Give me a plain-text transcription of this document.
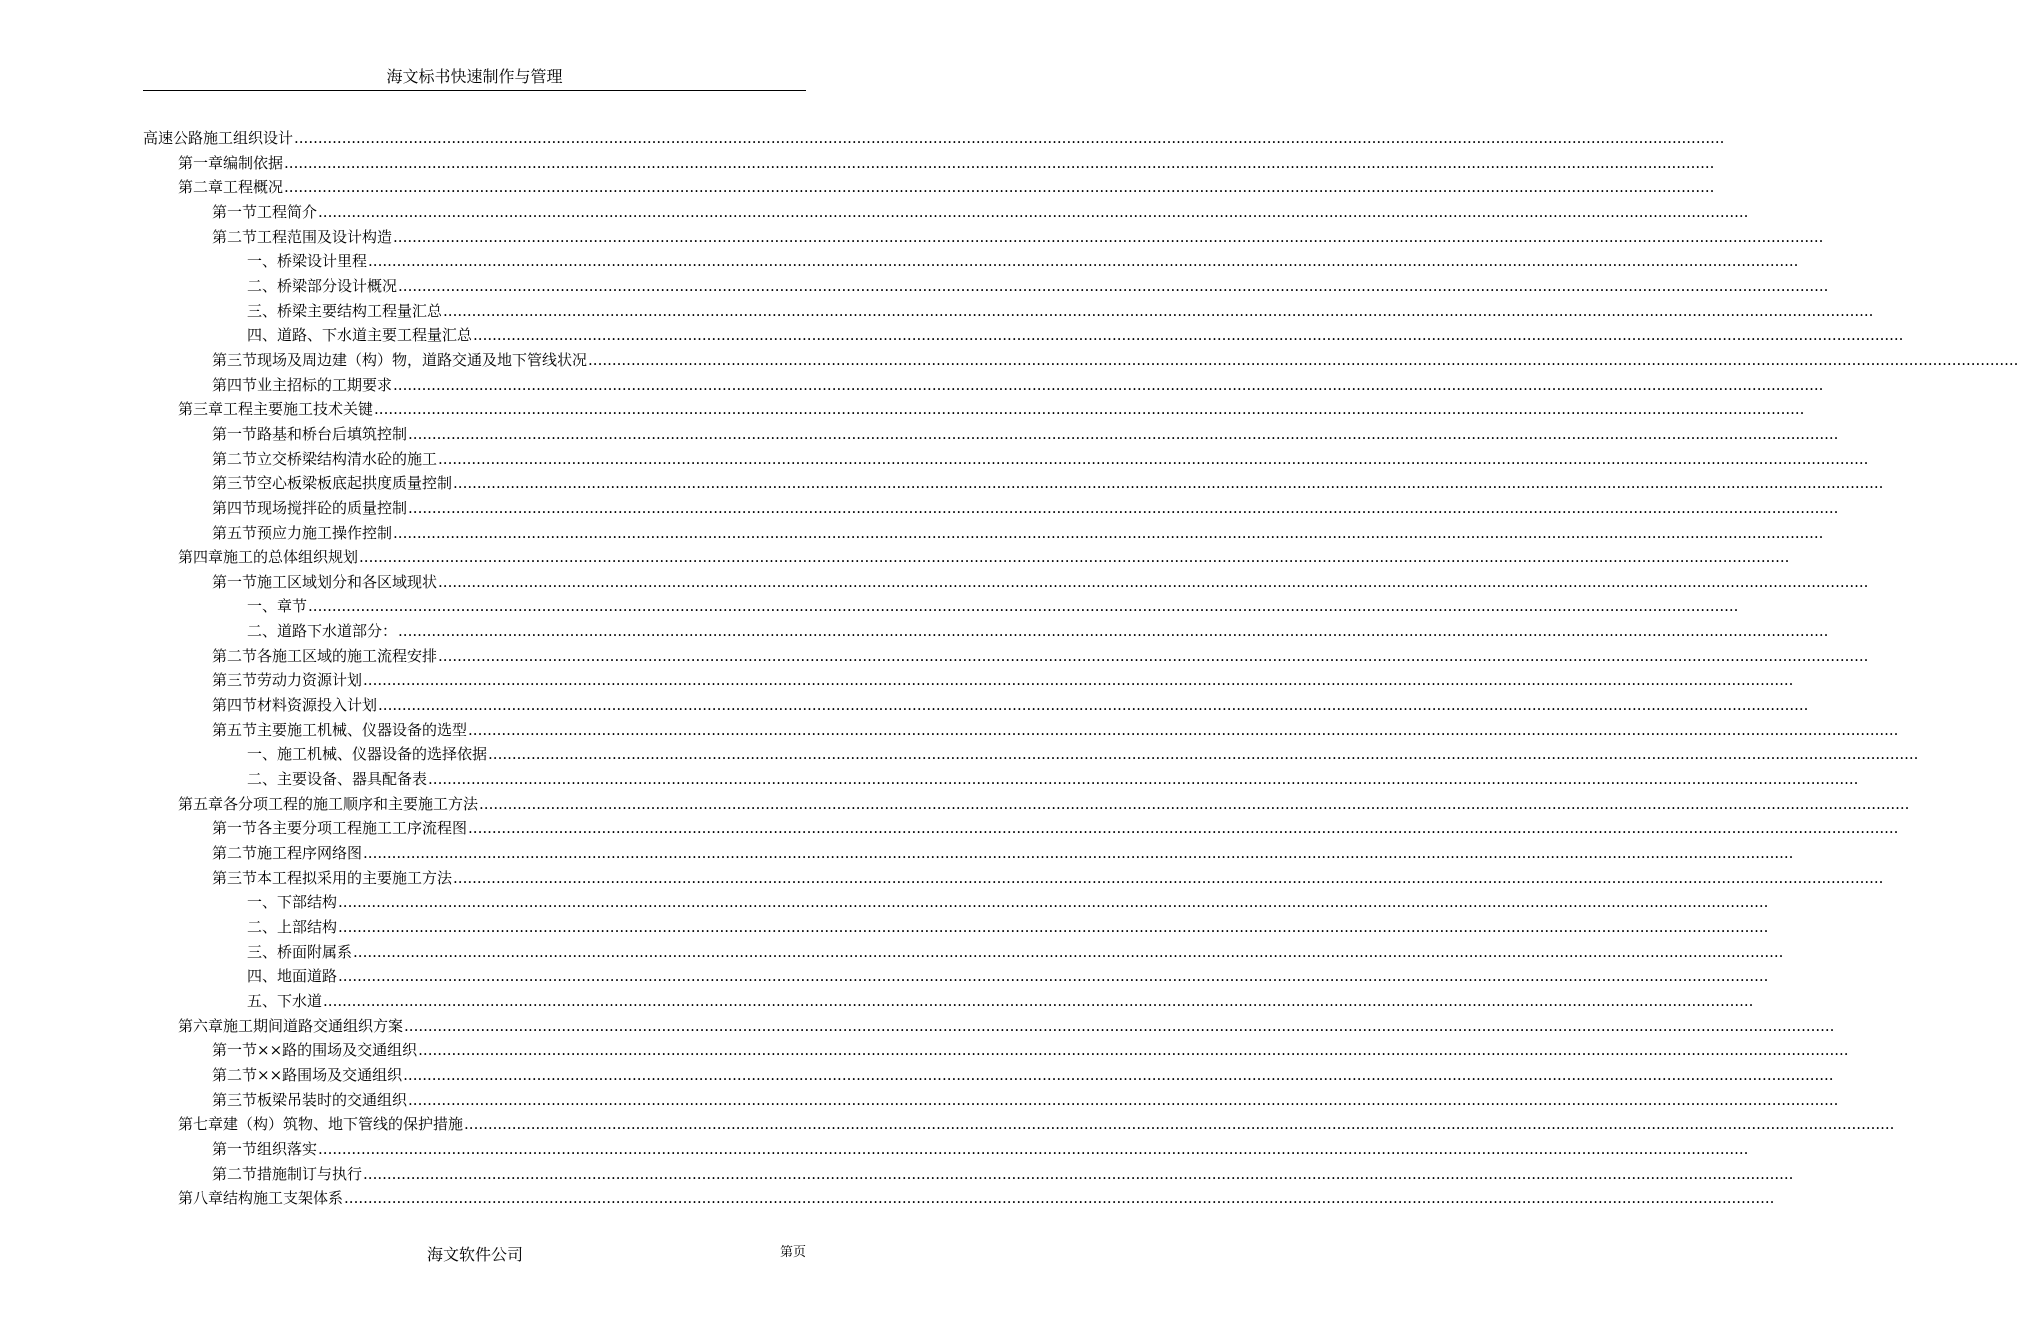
海文标书快速制作与管理
高速公路施工组织设计 ............................................................................................................................................................................................................................................................................................................
第一章 编制依据 ............................................................................................................................................................................................................................................................................................................
第二章 工程概况 ............................................................................................................................................................................................................................................................................................................
第一节 工程简介 ............................................................................................................................................................................................................................................................................................................
第二节 工程范围及设计构造 ............................................................................................................................................................................................................................................................................................................
一、 桥梁设计里程 ............................................................................................................................................................................................................................................................................................................
二、 桥梁部分设计概况 ............................................................................................................................................................................................................................................................................................................
三、 桥梁主要结构工程量汇总 ............................................................................................................................................................................................................................................................................................................
四、 道路、下水道主要工程量汇总 ............................................................................................................................................................................................................................................................................................................
第三节 现场及周边建（构）物，道路交通及地下管线状况 ............................................................................................................................................................................................................................................................................................................
第四节 业主招标的工期要求 ............................................................................................................................................................................................................................................................................................................
第三章 工程主要施工技术关键 ............................................................................................................................................................................................................................................................................................................
第一节 路基和桥台后填筑控制 ............................................................................................................................................................................................................................................................................................................
第二节 立交桥梁结构清水砼的施工 ............................................................................................................................................................................................................................................................................................................
第三节 空心板梁板底起拱度质量控制 ............................................................................................................................................................................................................................................................................................................
第四节 现场搅拌砼的质量控制 ............................................................................................................................................................................................................................................................................................................
第五节 预应力施工操作控制 ............................................................................................................................................................................................................................................................................................................
第四章 施工的总体组织规划 ............................................................................................................................................................................................................................................................................................................
第一节 施工区域划分和各区域现状 ............................................................................................................................................................................................................................................................................................................
一、 章节 ............................................................................................................................................................................................................................................................................................................
二、 道路下水道部分： ............................................................................................................................................................................................................................................................................................................
第二节 各施工区域的施工流程安排 ............................................................................................................................................................................................................................................................................................................
第三节 劳动力资源计划 ............................................................................................................................................................................................................................................................................................................
第四节 材料资源投入计划 ............................................................................................................................................................................................................................................................................................................
第五节 主要施工机械、仪器设备的选型 ............................................................................................................................................................................................................................................................................................................
一、 施工机械、仪器设备的选择依据 ............................................................................................................................................................................................................................................................................................................
二、 主要设备、器具配备表 ............................................................................................................................................................................................................................................................................................................
第五章 各分项工程的施工顺序和主要施工方法 ............................................................................................................................................................................................................................................................................................................
第一节 各主要分项工程施工工序流程图 ............................................................................................................................................................................................................................................................................................................
第二节 施工程序网络图 ............................................................................................................................................................................................................................................................................................................
第三节 本工程拟采用的主要施工方法 ............................................................................................................................................................................................................................................................................................................
一、 下部结构 ............................................................................................................................................................................................................................................................................................................
二、 上部结构 ............................................................................................................................................................................................................................................................................................................
三、 桥面附属系 ............................................................................................................................................................................................................................................................................................................
四、 地面道路 ............................................................................................................................................................................................................................................................................................................
五、 下水道 ............................................................................................................................................................................................................................................................................................................
第六章 施工期间道路交通组织方案 ............................................................................................................................................................................................................................................................................................................
第一节 ××路的围场及交通组织 ............................................................................................................................................................................................................................................................................................................
第二节 ××路围场及交通组织 ............................................................................................................................................................................................................................................................................................................
第三节 板梁吊装时的交通组织 ............................................................................................................................................................................................................................................................................................................
第七章 建（构）筑物、地下管线的保护措施 ............................................................................................................................................................................................................................................................................................................
第一节 组织落实 ............................................................................................................................................................................................................................................................................................................
第二节 措施制订与执行 ............................................................................................................................................................................................................................................................................................................
第八章 结构施工支架体系 ............................................................................................................................................................................................................................................................................................................
海文软件公司	第页
